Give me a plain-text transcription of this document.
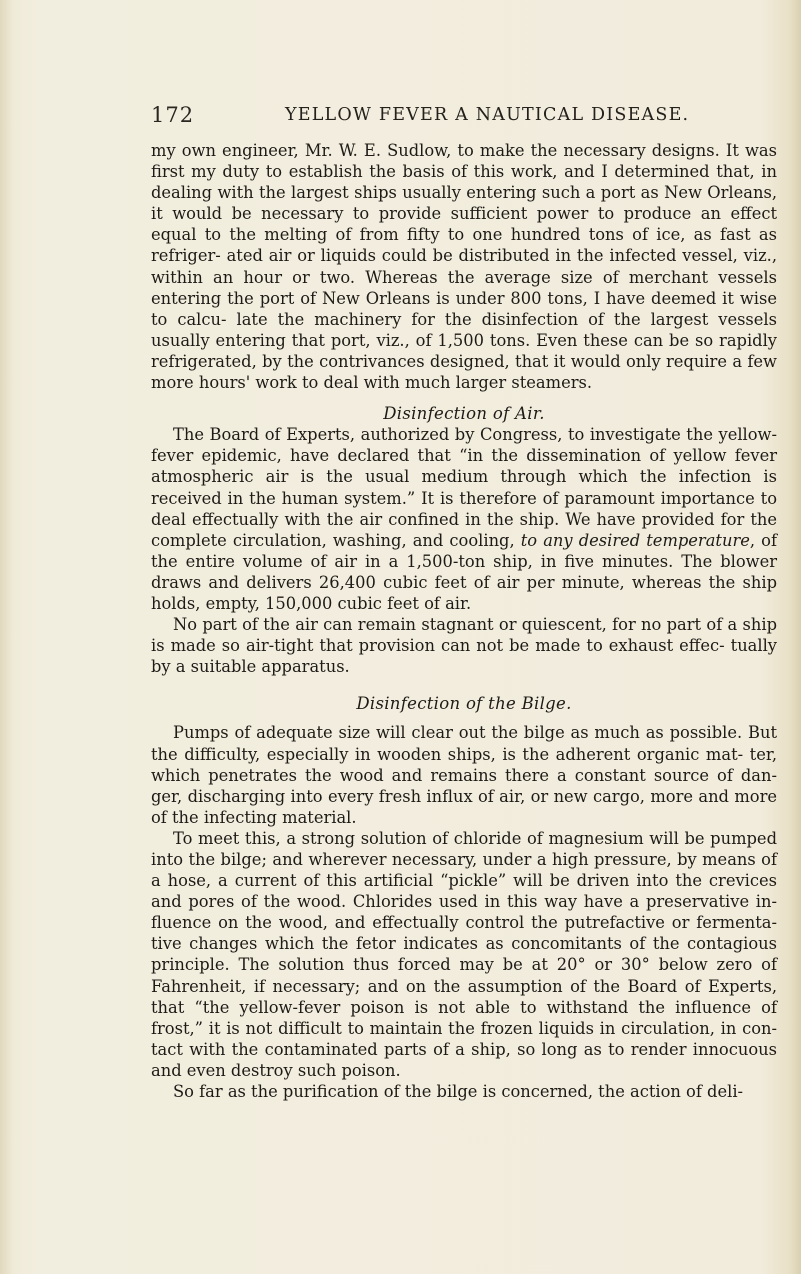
172	YELLOW FEVER A NAUTICAL DISEASE.

my own engineer, Mr. W. E. Sudlow, to make the necessary designs. It was first my duty to establish the basis of this work, and I determined that, in dealing with the largest ships usually entering such a port as New Orleans, it would be necessary to provide sufficient power to produce an effect equal to the melting of from fifty to one hundred tons of ice, as fast as refriger- ated air or liquids could be distributed in the infected vessel, viz., within an hour or two. Whereas the average size of merchant vessels entering the port of New Orleans is under 800 tons, I have deemed it wise to calcu- late the machinery for the disinfection of the largest vessels usually entering that port, viz., of 1,500 tons. Even these can be so rapidly refrigerated, by the contrivances designed, that it would only require a few more hours' work to deal with much larger steamers.

Disinfection of Air.

The Board of Experts, authorized by Congress, to investigate the yellow- fever epidemic, have declared that “in the dissemination of yellow fever atmospheric air is the usual medium through which the infection is received in the human system.” It is therefore of paramount importance to deal effectually with the air confined in the ship. We have provided for the complete circulation, washing, and cooling, to any desired temperature, of the entire volume of air in a 1,500-ton ship, in five minutes. The blower draws and delivers 26,400 cubic feet of air per minute, whereas the ship holds, empty, 150,000 cubic feet of air.

No part of the air can remain stagnant or quiescent, for no part of a ship is made so air-tight that provision can not be made to exhaust effec- tually by a suitable apparatus.

Disinfection of the Bilge.

Pumps of adequate size will clear out the bilge as much as possible. But the difficulty, especially in wooden ships, is the adherent organic mat- ter, which penetrates the wood and remains there a constant source of dan- ger, discharging into every fresh influx of air, or new cargo, more and more of the infecting material.

To meet this, a strong solution of chloride of magnesium will be pumped into the bilge; and wherever necessary, under a high pressure, by means of a hose, a current of this artificial “pickle” will be driven into the crevices and pores of the wood. Chlorides used in this way have a preservative in- fluence on the wood, and effectually control the putrefactive or fermenta- tive changes which the fetor indicates as concomitants of the contagious principle. The solution thus forced may be at 20° or 30° below zero of Fahrenheit, if necessary; and on the assumption of the Board of Experts, that “the yellow-fever poison is not able to withstand the influence of frost,” it is not difficult to maintain the frozen liquids in circulation, in con- tact with the contaminated parts of a ship, so long as to render innocuous and even destroy such poison.

So far as the purification of the bilge is concerned, the action of deli-
